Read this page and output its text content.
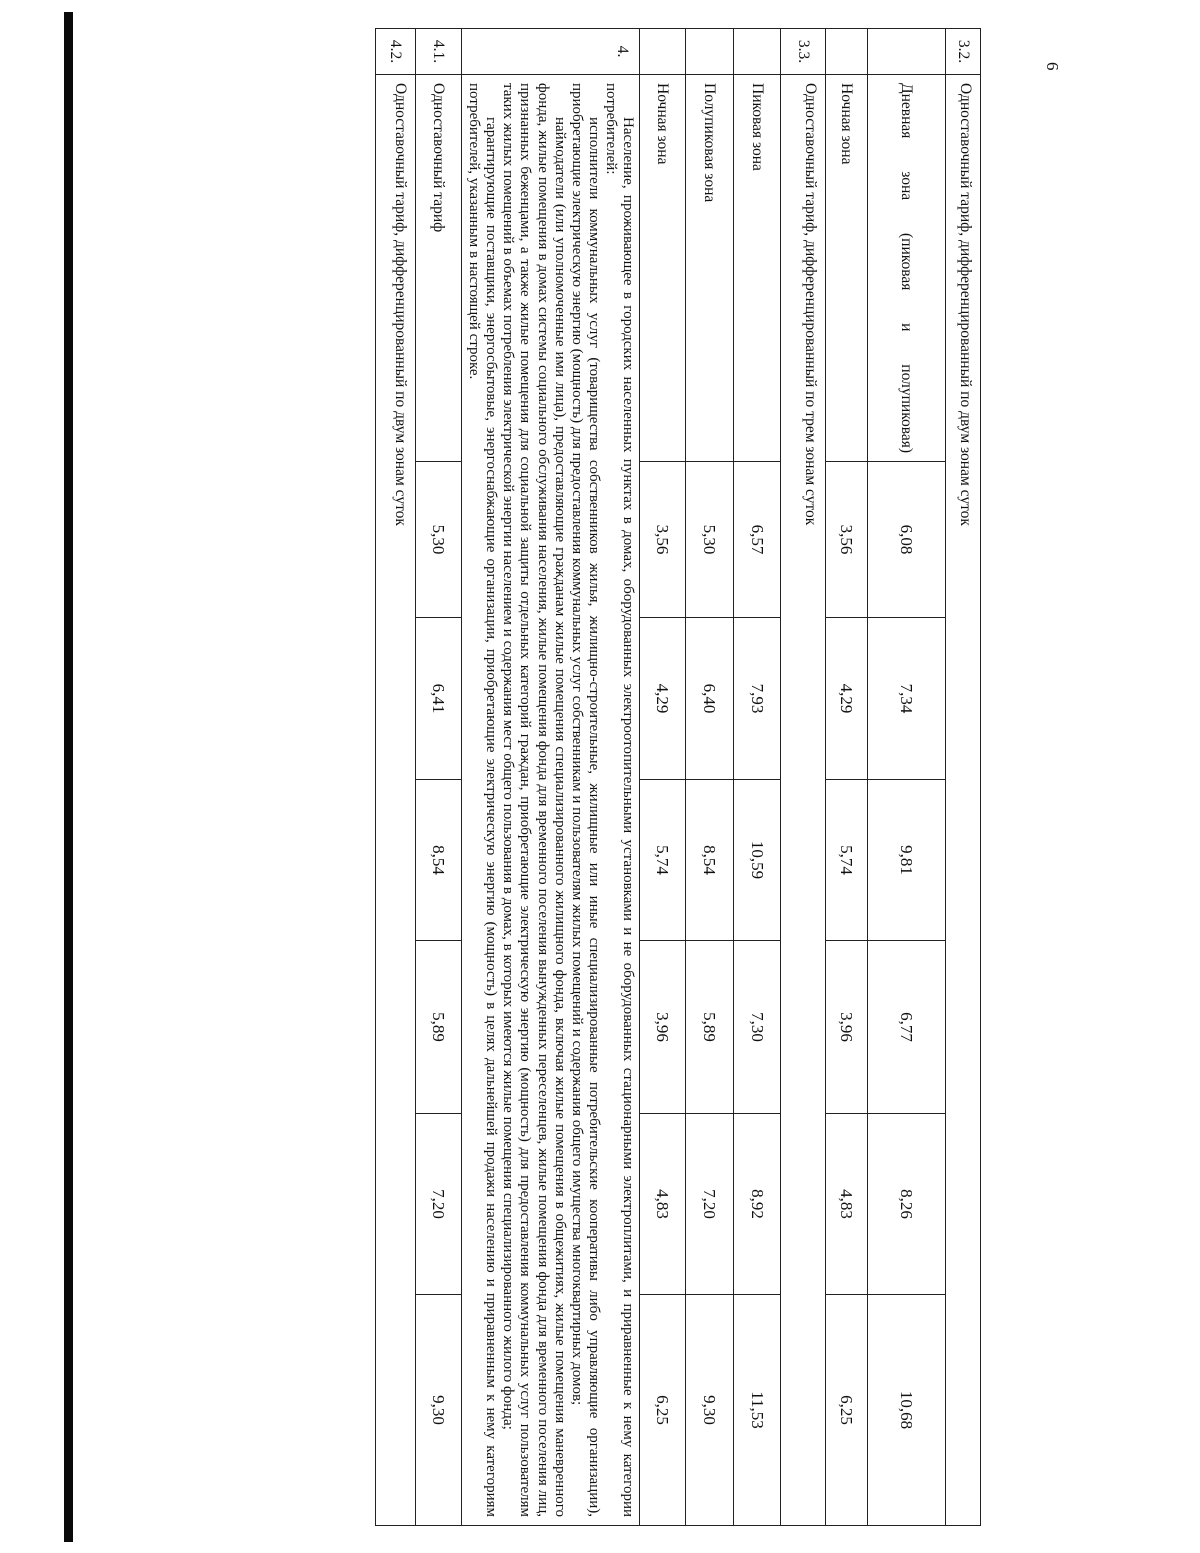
6
3.2.	Одноставочный тариф, дифференцированный по двум зонам суток						
	Дневная зона (пиковая и полупиковая)	6,08	7,34	9,81	6,77	8,26	10,68
	Ночная зона	3,56	4,29	5,74	3,96	4,83	6,25
3.3.	Одноставочный тариф, дифференцированный по трем зонам суток						
	Пиковая зона	6,57	7,93	10,59	7,30	8,92	11,53
	Полупиковая зона	5,30	6,40	8,54	5,89	7,20	9,30
	Ночная зона	3,56	4,29	5,74	3,96	4,83	6,25
4.	Население, проживающее в городских населенных пунктах в домах, оборудованных электроотопительными установками и не оборудованных стационарными электроплитами, и приравненные к нему категории потребителей:

исполнители коммунальных услуг (товарищества собственников жилья, жилищно-строительные, жилищные или иные специализированные потребительские кооперативы либо управляющие организации), приобретающие электрическую энергию (мощность) для предоставления коммунальных услуг собственникам и пользователям жилых помещений и содержания общего имущества многоквартирных домов;

наймодатели (или уполномоченные ими лица), предоставляющие гражданам жилые помещения специализированного жилищного фонда, включая жилые помещения в общежитиях, жилые помещения маневренного фонда, жилые помещения в домах системы социального обслуживания населения, жилые помещения фонда для временного поселения вынужденных переселенцев, жилые помещения фонда для временного поселения лиц, признанных беженцами, а также жилые помещения для социальной защиты отдельных категорий граждан, приобретающие электрическую энергию (мощность) для предоставления коммунальных услуг пользователям таких жилых помещений в объемах потребления электрической энергии населением и содержания мест общего пользования в домах, в которых имеются жилые помещения специализированного жилого фонда;

гарантирующие поставщики, энергосбытовые, энергоснабжающие организации, приобретающие электрическую энергию (мощность) в целях дальнейшей продажи населению и приравненным к нему категориям потребителей, указанным в настоящей строке.						

4.1.	Одноставочный тариф	5,30	6,41	8,54	5,89	7,20	9,30
4.2.	Одноставочный тариф, дифференцированный по двум зонам суток						
